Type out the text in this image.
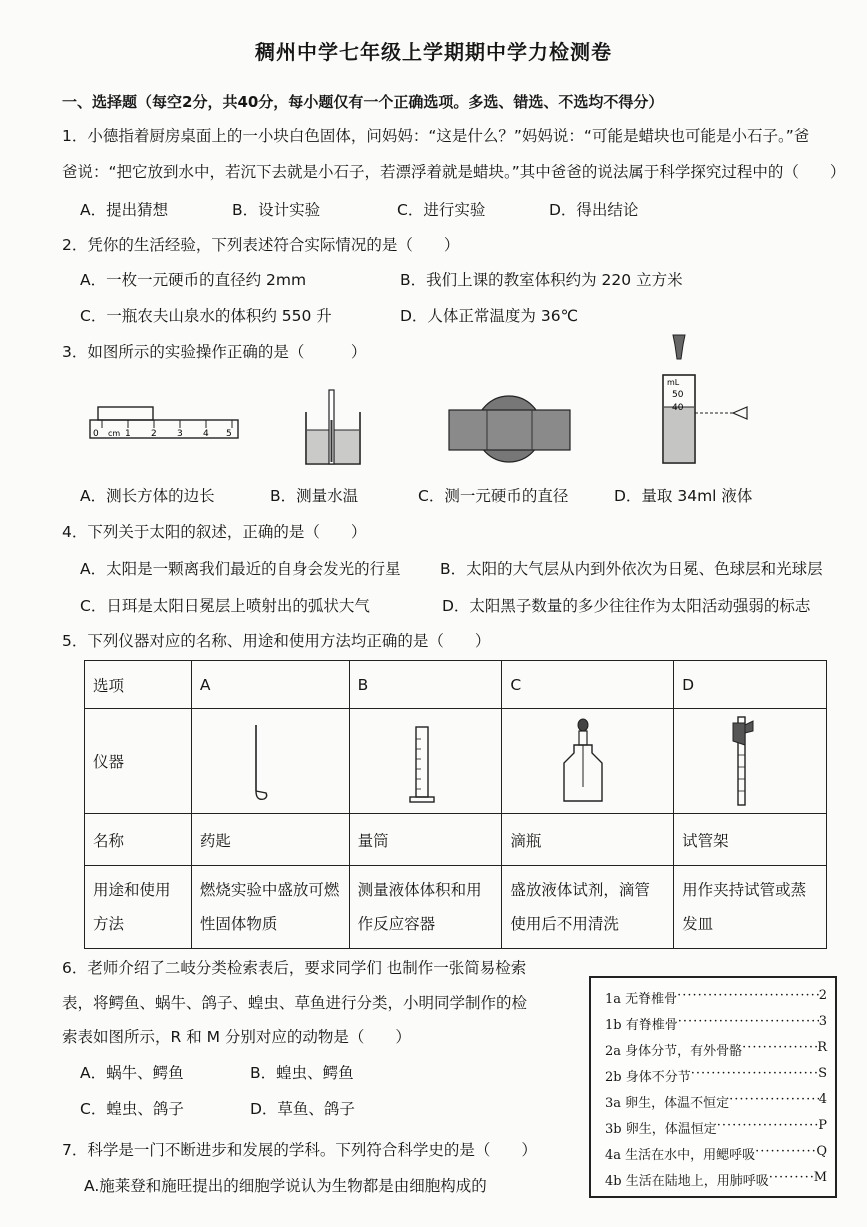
稠州中学七年级上学期期中学力检测卷
一、选择题（每空2分，共40分，每小题仅有一个正确选项。多选、错选、不选均不得分）
1．小德指着厨房桌面上的一小块白色固体，问妈妈：“这是什么？”妈妈说：“可能是蜡块也可能是小石子。”爸
爸说：“把它放到水中，若沉下去就是小石子，若漂浮着就是蜡块。”其中爸爸的说法属于科学探究过程中的（　　）
A．提出猜想	B．设计实验	C．进行实验	D．得出结论
2．凭你的生活经验，下列表述符合实际情况的是（　　）
A．一枚一元硬币的直径约 2mm	B．我们上课的教室体积约为 220 立方米
C．一瓶农夫山泉水的体积约 550 升	D．人体正常温度为 36℃
3．如图所示的实验操作正确的是（　　　）
0 cm 1 2 3 4 5
mL
50
40
A．测长方体的边长	B．测量水温	C．测一元硬币的直径	D．量取 34ml 液体
4．下列关于太阳的叙述，正确的是（　　）
A．太阳是一颗离我们最近的自身会发光的行星	B．太阳的大气层从内到外依次为日冕、色球层和光球层
C．日珥是太阳日冕层上喷射出的弧状大气	D．太阳黑子数量的多少往往作为太阳活动强弱的标志
5．下列仪器对应的名称、用途和使用方法均正确的是（　　）
选项	A	B	C	D
仪器	

名称	药匙	量筒	滴瓶	试管架
用途和使用方法	燃烧实验中盛放可燃性固体物质	测量液体体积和用作反应容器	盛放液体试剂，滴管使用后不用清洗	用作夹持试管或蒸发皿
6．老师介绍了二岐分类检索表后，要求同学们 也制作一张简易检索
表，将鳄鱼、蜗牛、鸽子、蝗虫、草鱼进行分类，小明同学制作的检
索表如图所示，R 和 M 分别对应的动物是（　　）
A．蜗牛、鳄鱼	B．蝗虫、鳄鱼
C．蝗虫、鸽子	D．草鱼、鸽子
1a 无脊椎骨 ·····	2
1b 有脊椎骨 ·····	3
2a 身体分节，有外骨骼 ·····	R
2b 身体不分节 ·····	S
3a 卵生，体温不恒定 ·····	4
3b 卵生，体温恒定 ·····	P
4a 生活在水中，用鳃呼吸 ·····	Q
4b 生活在陆地上，用肺呼吸 ·····	M
7．科学是一门不断进步和发展的学科。下列符合科学史的是（　　）
A.施莱登和施旺提出的细胞学说认为生物都是由细胞构成的
